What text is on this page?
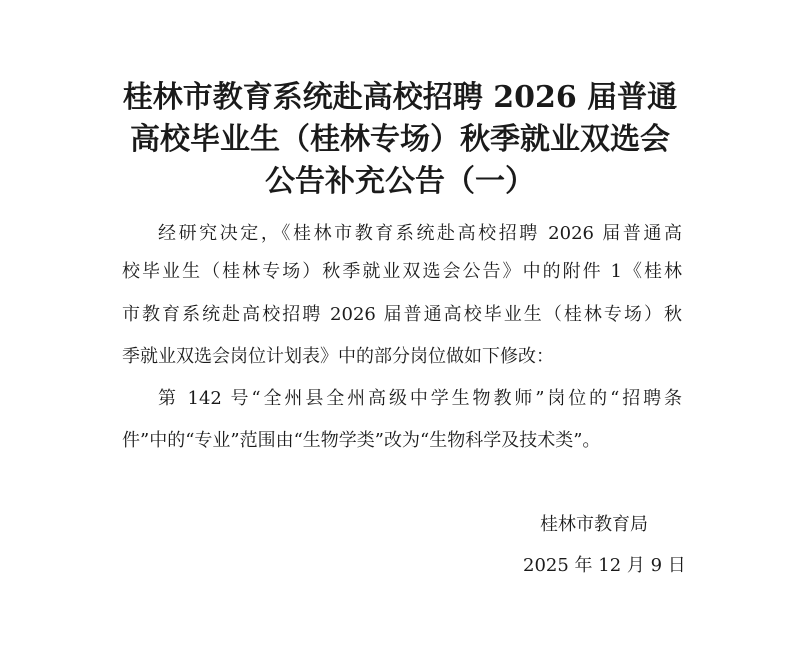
桂林市教育系统赴高校招聘 2026 届普通
高校毕业生（桂林专场）秋季就业双选会
公告补充公告（一）
经研究决定，《桂林市教育系统赴高校招聘 2026 届普通高
校毕业生（桂林专场）秋季就业双选会公告》中的附件 1《桂林
市教育系统赴高校招聘 2026 届普通高校毕业生（桂林专场）秋
季就业双选会岗位计划表》中的部分岗位做如下修改：
第 142 号“全州县全州高级中学生物教师”岗位的“招聘条
件”中的“专业”范围由“生物学类”改为“生物科学及技术类”。
桂林市教育局
2025 年 12 月 9 日
